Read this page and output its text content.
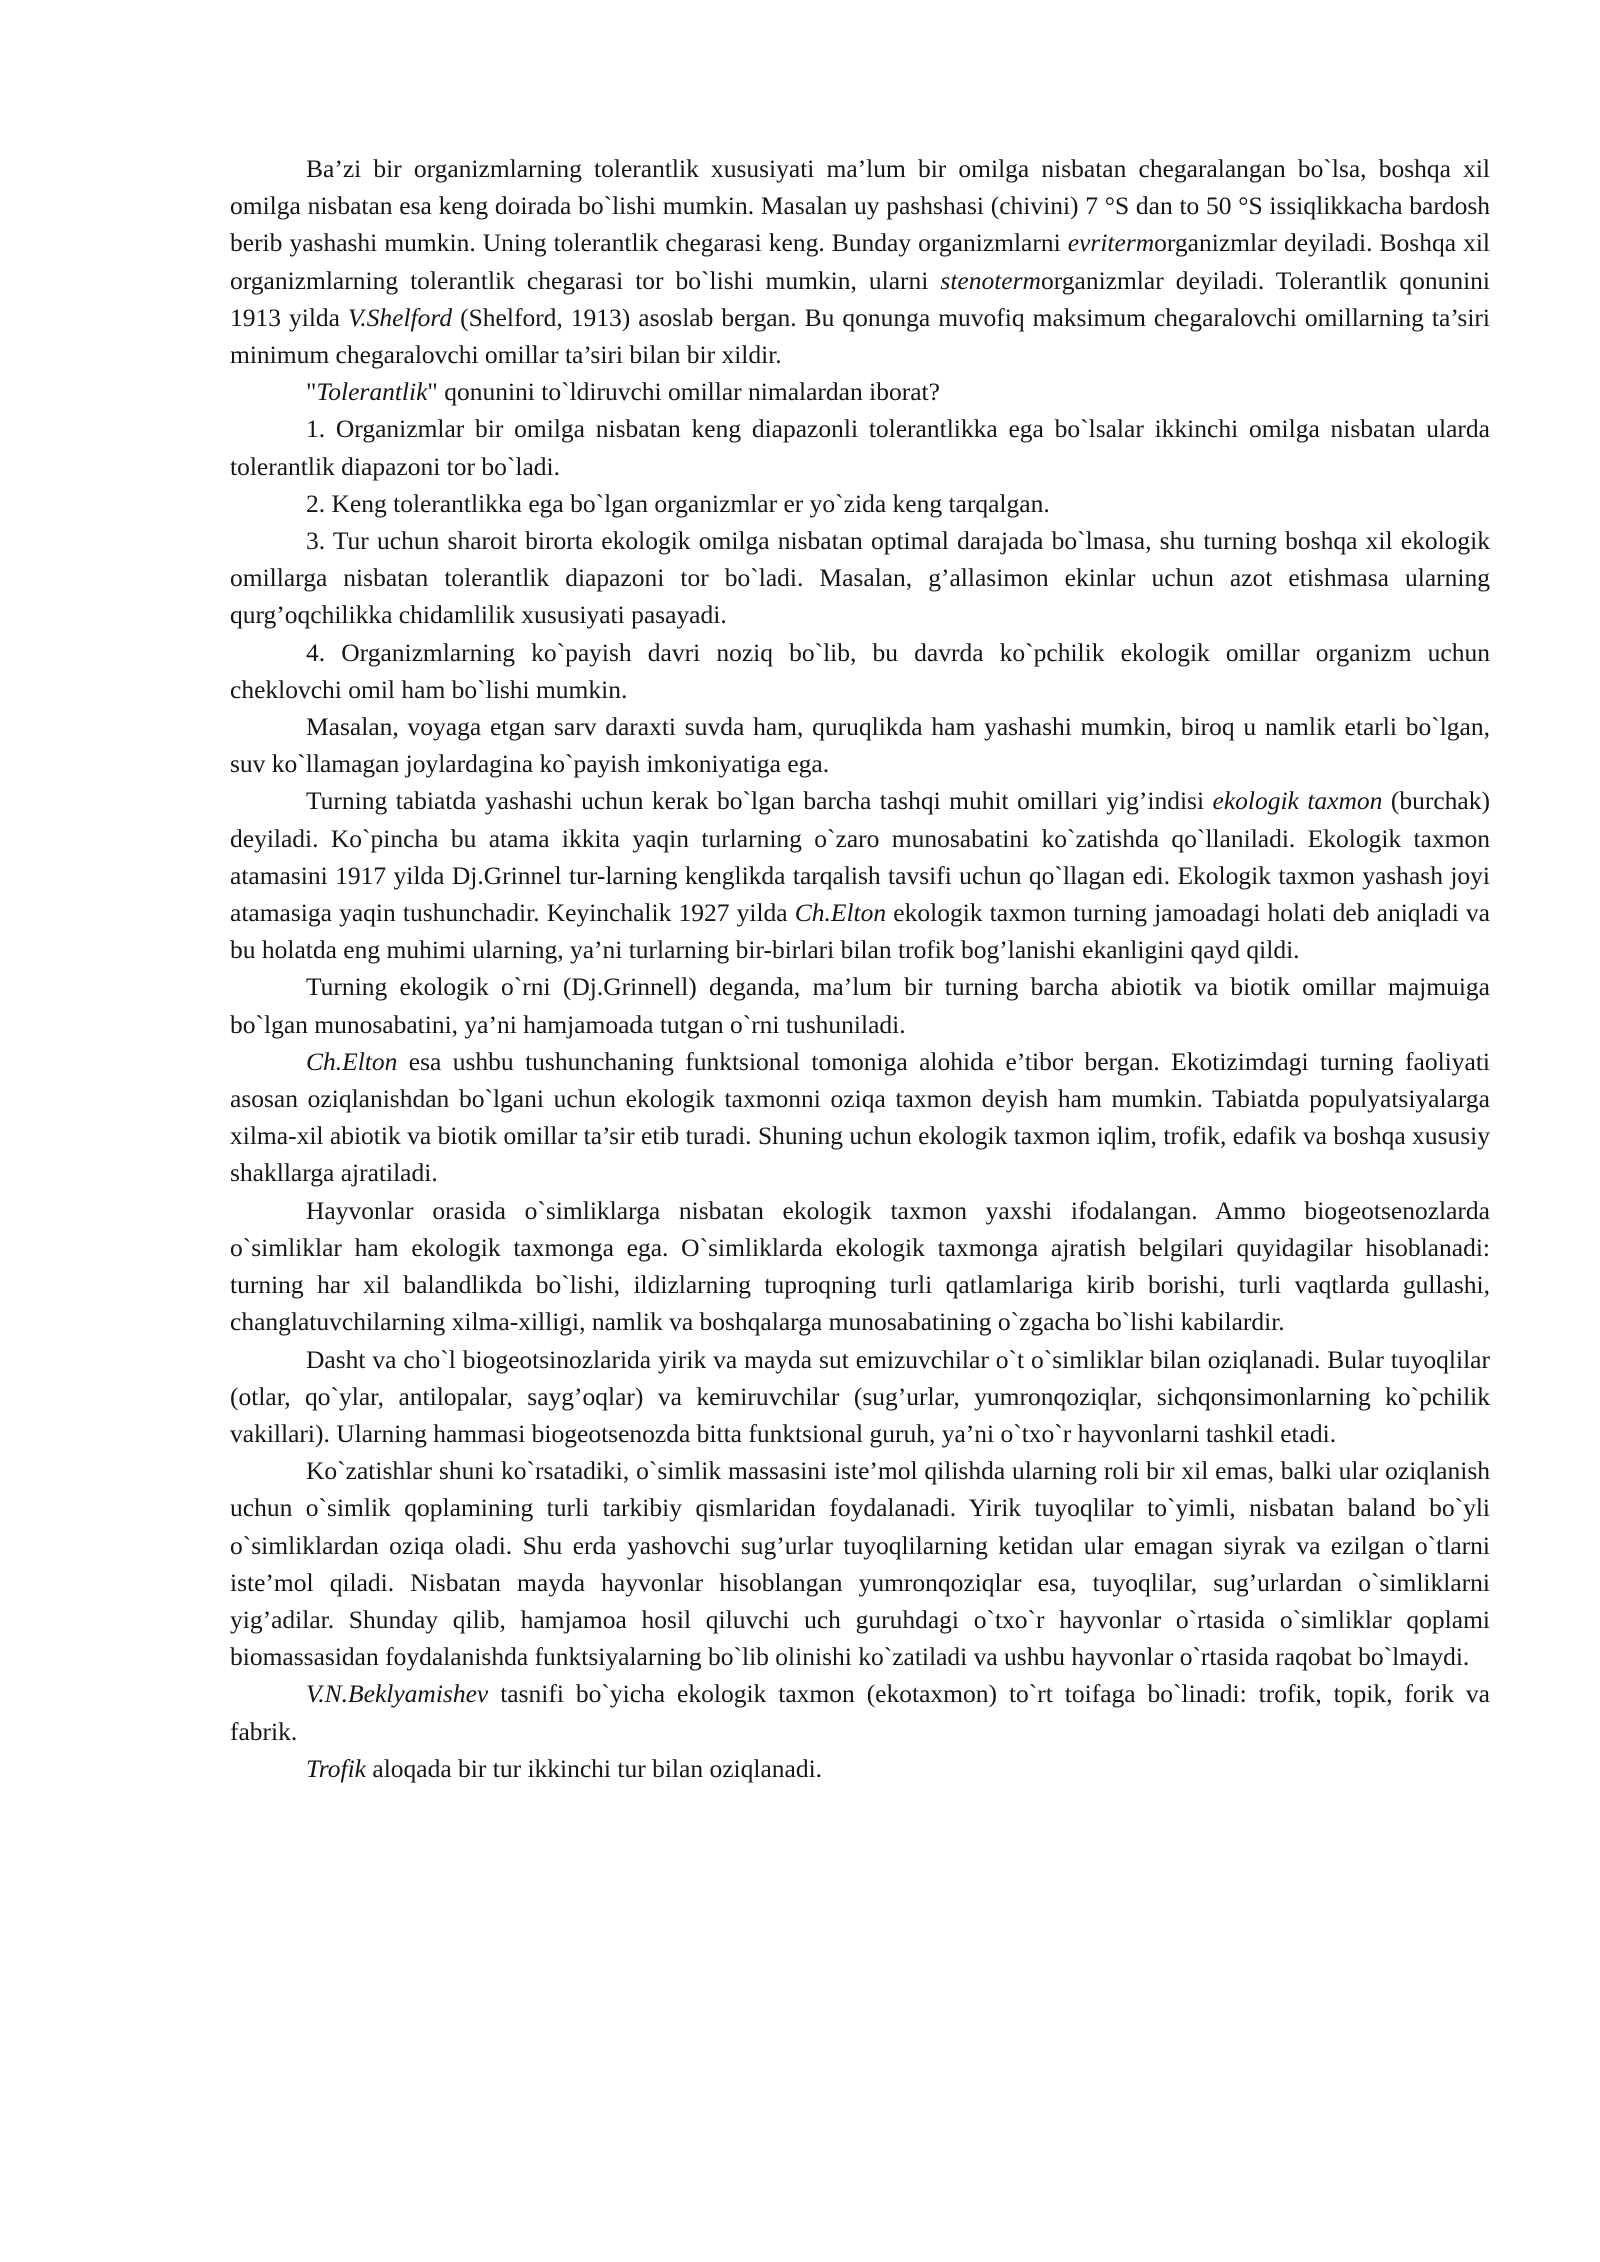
Ba’zi bir organizmlarning tolerantlik xususiyati ma’lum bir omilga nisbatan chegaralangan bo`lsa, boshqa xil omilga nisbatan esa keng doirada bo`lishi mumkin. Masalan uy pashshasi (chivini) 7 °S dan to 50 °S issiqlikkacha bardosh berib yashashi mumkin. Uning tolerantlik chegarasi keng. Bunday organizmlarni evritermorganizmlar deyiladi. Boshqa xil organizmlarning tolerantlik chegarasi tor bo`lishi mumkin, ularni stenotermorganizmlar deyiladi. Tolerantlik qonunini 1913 yilda V.Shelford (Shelford, 1913) asoslab bergan. Bu qonunga muvofiq maksimum chegaralovchi omillarning ta’siri minimum chegaralovchi omillar ta’siri bilan bir xildir.

"Tolerantlik" qonunini to`ldiruvchi omillar nimalardan iborat?

1. Organizmlar bir omilga nisbatan keng diapazonli tolerantlikka ega bo`lsalar ikkinchi omilga nisbatan ularda tolerantlik diapazoni tor bo`ladi.

2. Keng tolerantlikka ega bo`lgan organizmlar er yo`zida keng tarqalgan.

3. Tur uchun sharoit birorta ekologik omilga nisbatan optimal darajada bo`lmasa, shu turning boshqa xil ekologik omillarga nisbatan tolerantlik diapazoni tor bo`ladi. Masalan, g’allasimon ekinlar uchun azot etishmasa ularning qurg’oqchilikka chidamlilik xususiyati pasayadi.

4. Organizmlarning ko`payish davri noziq bo`lib, bu davrda ko`pchilik ekologik omillar organizm uchun cheklovchi omil ham bo`lishi mumkin.

Masalan, voyaga etgan sarv daraxti suvda ham, quruqlikda ham yashashi mumkin, biroq u namlik etarli bo`lgan, suv ko`llamagan joylardagina ko`payish imkoniyatiga ega.

Turning tabiatda yashashi uchun kerak bo`lgan barcha tashqi muhit omillari yig’indisi ekologik taxmon (burchak) deyiladi. Ko`pincha bu atama ikkita yaqin turlarning o`zaro munosabatini ko`zatishda qo`llaniladi. Ekologik taxmon atamasini 1917 yilda Dj.Grinnel tur-larning kenglikda tarqalish tavsifi uchun qo`llagan edi. Ekologik taxmon yashash joyi atamasiga yaqin tushunchadir. Keyinchalik 1927 yilda Ch.Elton ekologik taxmon turning jamoadagi holati deb aniqladi va bu holatda eng muhimi ularning, ya’ni turlarning bir-birlari bilan trofik bog’lanishi ekanligini qayd qildi.

Turning ekologik o`rni (Dj.Grinnell) deganda, ma’lum bir turning barcha abiotik va biotik omillar majmuiga bo`lgan munosabatini, ya’ni hamjamoada tutgan o`rni tushuniladi.

Ch.Elton esa ushbu tushunchaning funktsional tomoniga alohida e’tibor bergan. Ekotizimdagi turning faoliyati asosan oziqlanishdan bo`lgani uchun ekologik taxmonni oziqa taxmon deyish ham mumkin. Tabiatda populyatsiyalarga xilma-xil abiotik va biotik omillar ta’sir etib turadi. Shuning uchun ekologik taxmon iqlim, trofik, edafik va boshqa xususiy shakllarga ajratiladi.

Hayvonlar orasida o`simliklarga nisbatan ekologik taxmon yaxshi ifodalangan. Ammo biogeotsenozlarda o`simliklar ham ekologik taxmonga ega. O`simliklarda ekologik taxmonga ajratish belgilari quyidagilar hisoblanadi: turning har xil balandlikda bo`lishi, ildizlarning tuproqning turli qatlamlariga kirib borishi, turli vaqtlarda gullashi, changlatuvchilarning xilma-xilligi, namlik va boshqalarga munosabatining o`zgacha bo`lishi kabilardir.

Dasht va cho`l biogeotsinozlarida yirik va mayda sut emizuvchilar o`t o`simliklar bilan oziqlanadi. Bular tuyoqlilar (otlar, qo`ylar, antilopalar, sayg’oqlar) va kemiruvchilar (sug’urlar, yumronqoziqlar, sichqonsimonlarning ko`pchilik vakillari). Ularning hammasi biogeotsenozda bitta funktsional guruh, ya’ni o`txo`r hayvonlarni tashkil etadi.

Ko`zatishlar shuni ko`rsatadiki, o`simlik massasini iste’mol qilishda ularning roli bir xil emas, balki ular oziqlanish uchun o`simlik qoplamining turli tarkibiy qismlaridan foydalanadi. Yirik tuyoqlilar to`yimli, nisbatan baland bo`yli o`simliklardan oziqa oladi. Shu erda yashovchi sug’urlar tuyoqlilarning ketidan ular emagan siyrak va ezilgan o`tlarni iste’mol qiladi. Nisbatan mayda hayvonlar hisoblangan yumronqoziqlar esa, tuyoqlilar, sug’urlardan o`simliklarni yig’adilar. Shunday qilib, hamjamoa hosil qiluvchi uch guruhdagi o`txo`r hayvonlar o`rtasida o`simliklar qoplami biomassasidan foydalanishda funktsiyalarning bo`lib olinishi ko`zatiladi va ushbu hayvonlar o`rtasida raqobat bo`lmaydi.

V.N.Beklyamishev tasnifi bo`yicha ekologik taxmon (ekotaxmon) to`rt toifaga bo`linadi: trofik, topik, forik va fabrik.

Trofik aloqada bir tur ikkinchi tur bilan oziqlanadi.
